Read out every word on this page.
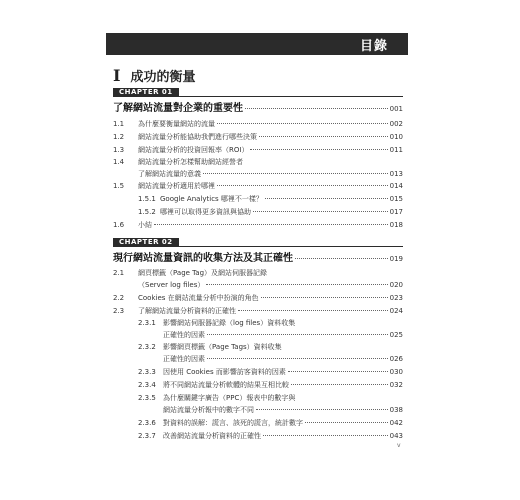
目錄
I 成功的衡量
CHAPTER 01
了解網站流量對企業的重要性	001
1.1	為什麼要衡量網站的流量	002
1.2	網站流量分析能協助我們進行哪些決策	010
1.3	網站流量分析的投資回報率（ROI）	011
1.4 網站流量分析怎樣幫助網站經營者
了解網站流量的意義	013
1.5	網站流量分析適用於哪裡	014
1.5.1 Google Analytics 哪裡不一樣？	015
1.5.2 哪裡可以取得更多資訊與協助	017
1.6	小結	018
CHAPTER 02
現行網站流量資訊的收集方法及其正確性	019
2.1 網頁標籤（Page Tag）及網站伺服器記錄
（Server log files）	020
2.2	Cookies 在網站流量分析中扮演的角色	023
2.3	了解網站流量分析資料的正確性	024
2.3.1 影響網站伺服器記錄（log files）資料收集
正確性的因素	025
2.3.2 影響網頁標籤（Page Tags）資料收集
正確性的因素	026
2.3.3	因使用 Cookies 而影響訪客資料的因素	030
2.3.4	將不同網站流量分析軟體的結果互相比較	032
2.3.5 為什麼關鍵字廣告（PPC）報表中的數字與
網站流量分析報中的數字不同	038
2.3.6	對資料的誤解：謊言、該死的謊言，統計數字	042
2.3.7	改善網站流量分析資料的正確性	043
v
